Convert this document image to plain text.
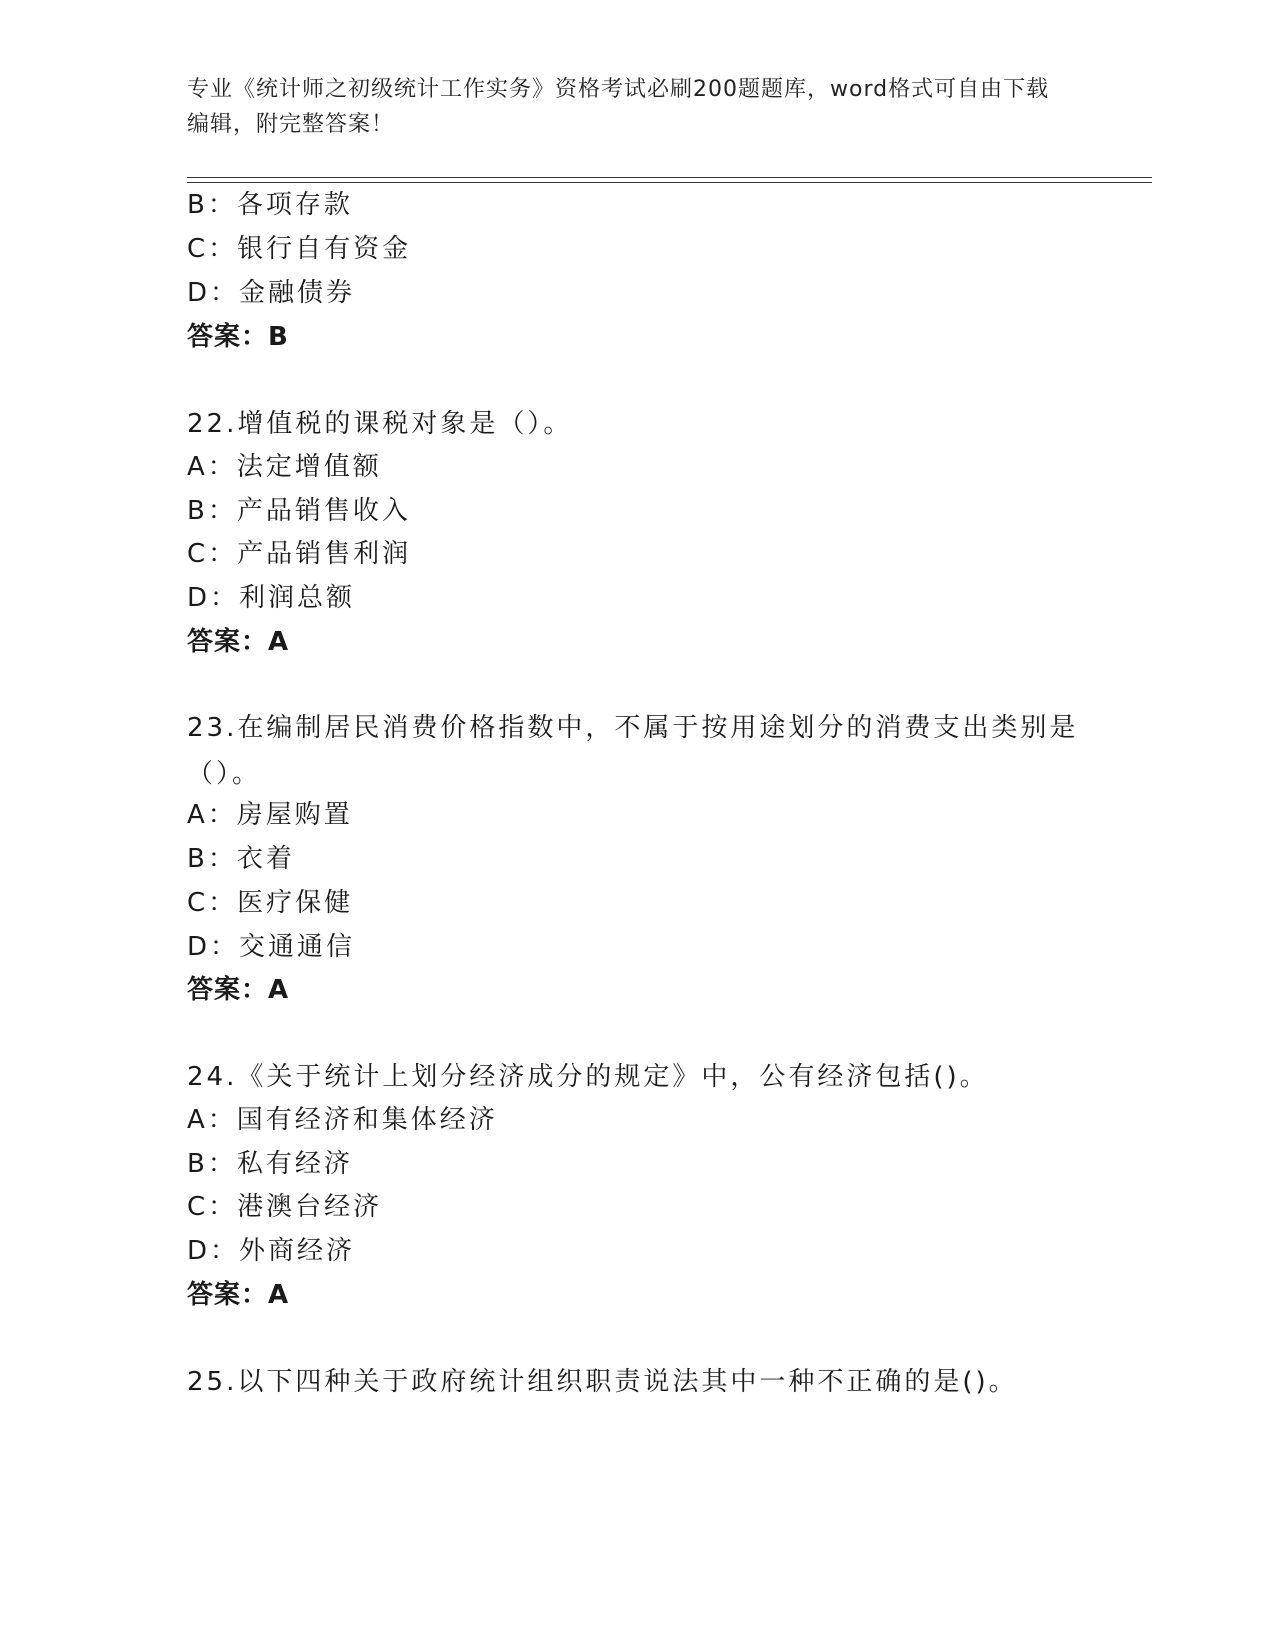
专业《统计师之初级统计工作实务》资格考试必刷200题题库，word格式可自由下载编辑，附完整答案！
B：各项存款
C：银行自有资金
D：金融债券
答案：B
22.增值税的课税对象是（）。
A：法定增值额
B：产品销售收入
C：产品销售利润
D：利润总额
答案：A
23.在编制居民消费价格指数中，不属于按用途划分的消费支出类别是（）。
A：房屋购置
B：衣着
C：医疗保健
D：交通通信
答案：A
24.《关于统计上划分经济成分的规定》中，公有经济包括()。
A：国有经济和集体经济
B：私有经济
C：港澳台经济
D：外商经济
答案：A
25.以下四种关于政府统计组织职责说法其中一种不正确的是()。
